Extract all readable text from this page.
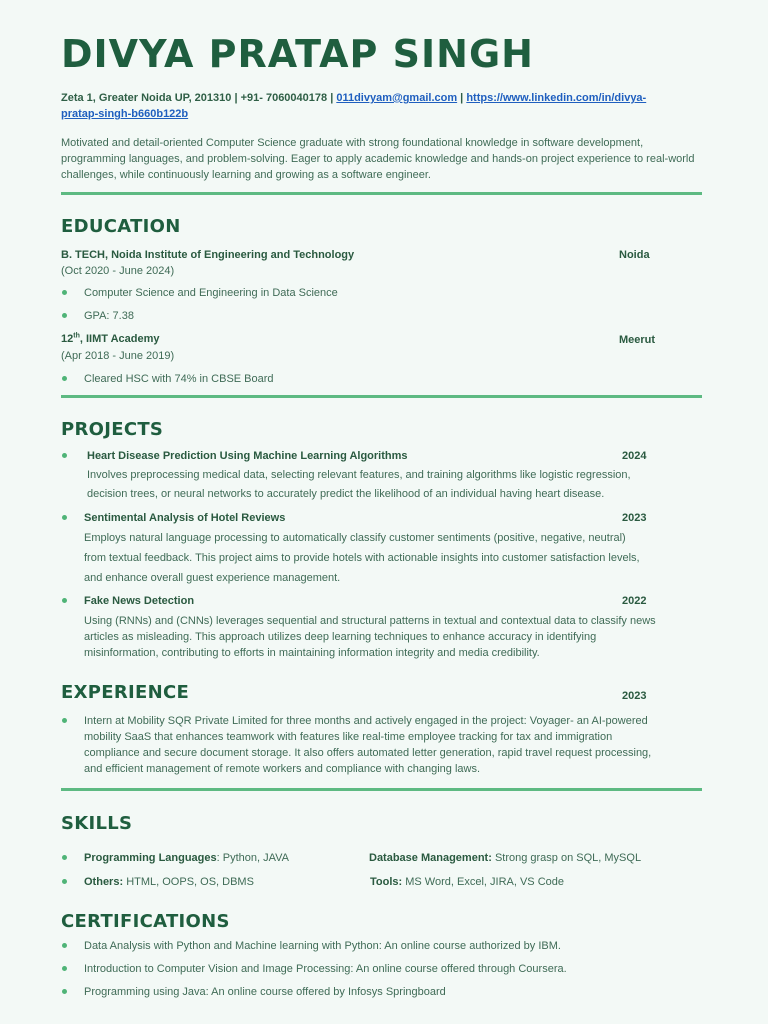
DIVYA PRATAP SINGH
Zeta 1, Greater Noida UP, 201310 | +91- 7060040178 | 011divyam@gmail.com | https://www.linkedin.com/in/divya-pratap-singh-b660b122b
Motivated and detail-oriented Computer Science graduate with strong foundational knowledge in software development, programming languages, and problem-solving. Eager to apply academic knowledge and hands-on project experience to real-world challenges, while continuously learning and growing as a software engineer.
EDUCATION
B. TECH, Noida Institute of Engineering and Technology	Noida
(Oct 2020 - June 2024)
Computer Science and Engineering in Data Science
GPA: 7.38
12th, IIMT Academy	Meerut
(Apr 2018 - June 2019)
Cleared HSC with 74% in CBSE Board
PROJECTS
Heart Disease Prediction Using Machine Learning Algorithms	2024
Involves preprocessing medical data, selecting relevant features, and training algorithms like logistic regression,
decision trees, or neural networks to accurately predict the likelihood of an individual having heart disease.
Sentimental Analysis of Hotel Reviews	2023
Employs natural language processing to automatically classify customer sentiments (positive, negative, neutral)
from textual feedback. This project aims to provide hotels with actionable insights into customer satisfaction levels,
and enhance overall guest experience management.
Fake News Detection	2022
Using (RNNs) and (CNNs) leverages sequential and structural patterns in textual and contextual data to classify news
articles as misleading. This approach utilizes deep learning techniques to enhance accuracy in identifying
misinformation, contributing to efforts in maintaining information integrity and media credibility.
EXPERIENCE	2023
Intern at Mobility SQR Private Limited for three months and actively engaged in the project: Voyager- an AI-powered
mobility SaaS that enhances teamwork with features like real-time employee tracking for tax and immigration
compliance and secure document storage. It also offers automated letter generation, rapid travel request processing,
and efficient management of remote workers and compliance with changing laws.
SKILLS
Programming Languages: Python, JAVA	Database Management: Strong grasp on SQL, MySQL
Others: HTML, OOPS, OS, DBMS	Tools: MS Word, Excel, JIRA, VS Code
CERTIFICATIONS
Data Analysis with Python and Machine learning with Python: An online course authorized by IBM.
Introduction to Computer Vision and Image Processing: An online course offered through Coursera.
Programming using Java: An online course offered by Infosys Springboard
